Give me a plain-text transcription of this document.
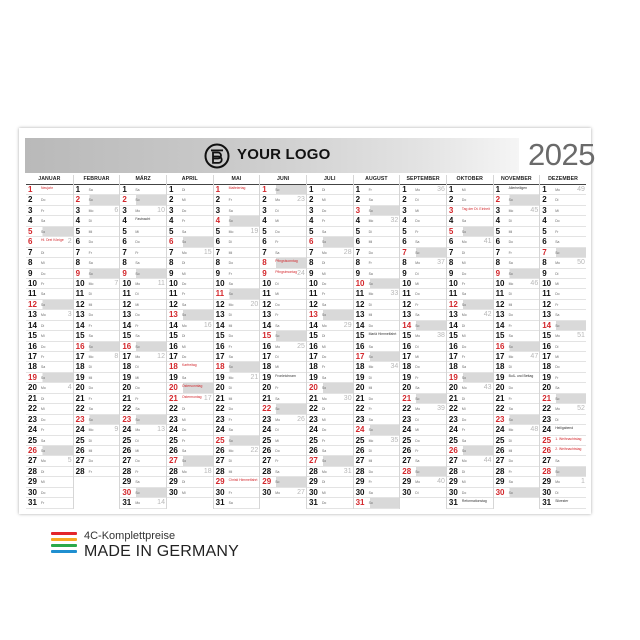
YOUR LOGO	2025
JANUAR
1	Neujahr
2	Do
3	Fr
4	Sa
5	So
6	Hl. Drei Könige 2
7	Di
8	Mi
9	Do
10 Fr
11 Sa
12 So
13 Mo	3
14 Di
15 Mi
16 Do
17 Fr
18 Sa
19 So
20 Mo	4
21 Di
22 Mi
23 Do
24 Fr
25 Sa
26 So
27 Mo	5
28 Di
29 Mi
30 Do
31 Fr
FEBRUAR
1	Sa
2	So
3	Mo	6
4	Di
5	Mi
6	Do
7	Fr
8	Sa
9	So
10 Mo	7
11 Di
12 Mi
13 Do
14 Fr
15 Sa
16 So
17 Mo	8
18 Di
19 Mi
20 Do
21 Fr
22 Sa
23 So
24 Mo	9
25 Di
26 Mi
27 Do
28 Fr
MÄRZ
1	Sa
2	So
3	Mo 10
4	Fastnacht
5	Mi
6	Do
7	Fr
8	Sa
9	So
10 Mo	11
11 Di
12 Mi
13 Do
14 Fr
15 Sa
16 So
17 Mo 12
18 Di
19 Mi
20 Do
21 Fr
22 Sa
23 So
24 Mo 13
25 Di
26 Mi
27 Do
28 Fr
29 Sa
30 So
31 Mo 14
APRIL
1	Di
2	Mi
3	Do
4	Fr
5	Sa
6	So
7	Mo 15
8	Di
9	Mi
10 Do
11 Fr
12 Sa
13 So
14 Mo 16
15 Di
16 Mi
17 Do
18 Karfreitag
19 Sa
20 Ostersonntag
21 Ostermontag 17
22 Di
23 Mi
24 Do
25 Fr
26 Sa
27 So
28 Mo 18
29 Di
30 Mi
MAI
1	Maifeiertag
2	Fr
3	Sa
4	So
5	Mo 19
6	Di
7	Mi
8	Do
9	Fr
10 Sa
11 So
12 Mo 20
13 Di
14 Mi
15 Do
16 Fr
17 Sa
18 So
19 Mo 21
20 Di
21 Mi
22 Do
23 Fr
24 Sa
25 So
26 Mo 22
27 Di
28 Mi
29 Christi Himmelfahrt
30 Fr
31 Sa
JUNI
1	So
2	Mo 23
3	Di
4	Mi
5	Do
6	Fr
7	Sa
8	Pfingstsonntag
9	Pfingstmontag 24
10 Di
11 Mi
12 Do
13 Fr
14 Sa
15 So
16 Mo 25
17 Di
18 Mi
19 Fronleichnam
20 Fr
21 Sa
22 So
23 Mo 26
24 Di
25 Mi
26 Do
27 Fr
28 Sa
29 So
30 Mo 27
JULI
1	Di
2	Mi
3	Do
4	Fr
5	Sa
6	So
7	Mo 28
8	Di
9	Mi
10 Do
11 Fr
12 Sa
13 So
14 Mo 29
15 Di
16 Mi
17 Do
18 Fr
19 Sa
20 So
21 Mo 30
22 Di
23 Mi
24 Do
25 Fr
26 Sa
27 So
28 Mo 31
29 Di
30 Mi
31 Do
AUGUST
1	Fr
2	Sa
3	So
4	Mo 32
5	Di
6	Mi
7	Do
8	Fr
9	Sa
10 So
11 Mo 33
12 Di
13 Mi
14 Do
15 Mariä Himmelfahrt
16 Sa
17 So
18 Mo 34
19 Di
20 Mi
21 Do
22 Fr
23 Sa
24 So
25 Mo 35
26 Di
27 Mi
28 Do
29 Fr
30 Sa
31 So
SEPTEMBER
1	Mo 36
2	Di
3	Mi
4	Do
5	Fr
6	Sa
7	So
8	Mo 37
9	Di
10 Mi
11 Do
12 Fr
13 Sa
14 So
15 Mo 38
16 Di
17 Mi
18 Do
19 Fr
20 Sa
21 So
22 Mo 39
23 Di
24 Mi
25 Do
26 Fr
27 Sa
28 So
29 Mo 40
30 Di
OKTOBER
1	Mi
2	Do
3	Tag der Dt. Einheit
4	Sa
5	So
6	Mo 41
7	Di
8	Mi
9	Do
10 Fr
11 Sa
12 So
13 Mo 42
14 Di
15 Mi
16 Do
17 Fr
18 Sa
19 So
20 Mo 43
21 Di
22 Mi
23 Do
24 Fr
25 Sa
26 So
27 Mo 44
28 Di
29 Mi
30 Do
31 Reformationstag
NOVEMBER
1	Allerheiligen
2	So
3	Mo 45
4	Di
5	Mi
6	Do
7	Fr
8	Sa
9	So
10 Mo 46
11 Di
12 Mi
13 Do
14 Fr
15 Sa
16 So
17 Mo 47
18 Di
19 Buß- und Bettag
20 Do
21 Fr
22 Sa
23 So
24 Mo 48
25 Di
26 Mi
27 Do
28 Fr
29 Sa
30 So
DEZEMBER
1	Mo 49
2	Di
3	Mi
4	Do
5	Fr
6	Sa
7	So
8	Mo 50
9	Di
10 Mi
11 Do
12 Fr
13 Sa
14 So
15 Mo 51
16 Di
17 Mi
18 Do
19 Fr
20 Sa
21 So
22 Mo 52
23 Di
24 Heiligabend
25 1. Weihnachtstag
26 2. Weihnachtstag
27 Sa
28 So
29 Mo	1
30 Di
31 Silvester
4C-Komplettpreise
MADE IN GERMANY
